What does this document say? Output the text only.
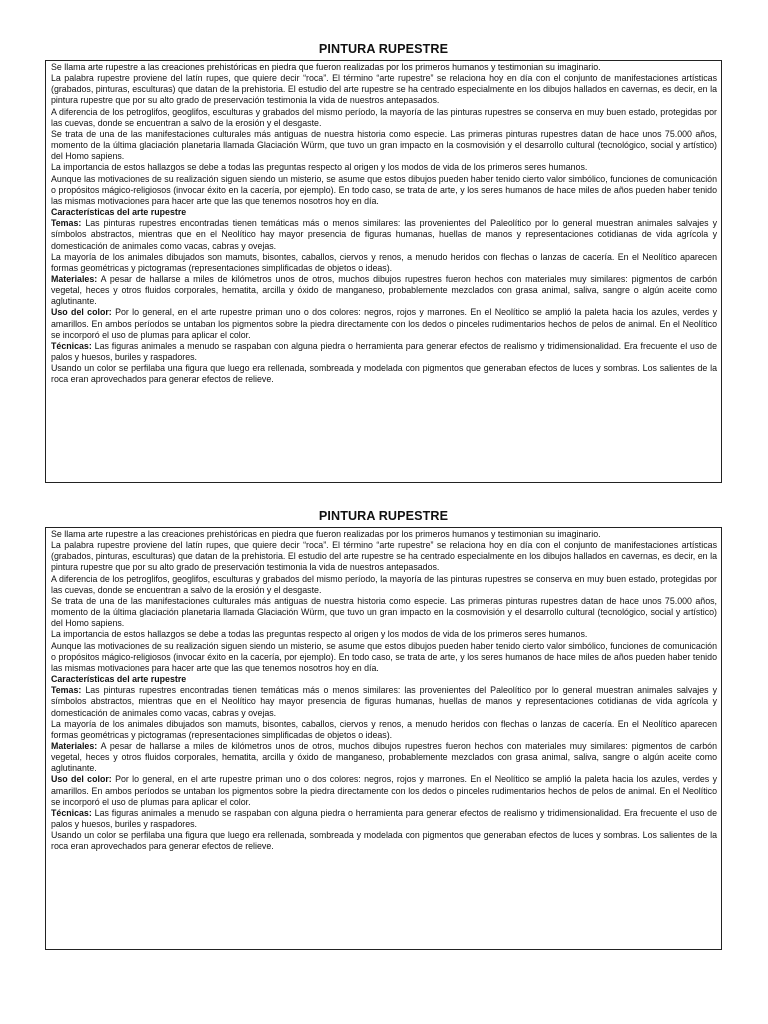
PINTURA RUPESTRE

Se llama arte rupestre a las creaciones prehistóricas en piedra que fueron realizadas por los primeros humanos y testimonian su imaginario.

La palabra rupestre proviene del latín rupes, que quiere decir “roca”. El término “arte rupestre” se relaciona hoy en día con el conjunto de manifestaciones artísticas (grabados, pinturas, esculturas) que datan de la prehistoria. El estudio del arte rupestre se ha centrado especialmente en los dibujos hallados en cavernas, es decir, en la pintura rupestre que por su alto grado de preservación testimonia la vida de nuestros antepasados.

A diferencia de los petroglifos, geoglifos, esculturas y grabados del mismo período, la mayoría de las pinturas rupestres se conserva en muy buen estado, protegidas por las cuevas, donde se encuentran a salvo de la erosión y el desgaste.

Se trata de una de las manifestaciones culturales más antiguas de nuestra historia como especie. Las primeras pinturas rupestres datan de hace unos 75.000 años, momento de la última glaciación planetaria llamada Glaciación Würm, que tuvo un gran impacto en la cosmovisión y el desarrollo cultural (tecnológico, social y artístico) del Homo sapiens.

La importancia de estos hallazgos se debe a todas las preguntas respecto al origen y los modos de vida de los primeros seres humanos.

Aunque las motivaciones de su realización siguen siendo un misterio, se asume que estos dibujos pueden haber tenido cierto valor simbólico, funciones de comunicación o propósitos mágico-religiosos (invocar éxito en la cacería, por ejemplo). En todo caso, se trata de arte, y los seres humanos de hace miles de años pueden haber tenido las mismas motivaciones para hacer arte que las que tenemos nosotros hoy en día.

Características del arte rupestre

Temas: Las pinturas rupestres encontradas tienen temáticas más o menos similares: las provenientes del Paleolítico por lo general muestran animales salvajes y símbolos abstractos, mientras que en el Neolítico hay mayor presencia de figuras humanas, huellas de manos y representaciones cotidianas de vida agrícola y domesticación de animales como vacas, cabras y ovejas.

La mayoría de los animales dibujados son mamuts, bisontes, caballos, ciervos y renos, a menudo heridos con flechas o lanzas de cacería. En el Neolítico aparecen formas geométricas y pictogramas (representaciones simplificadas de objetos o ideas).

Materiales: A pesar de hallarse a miles de kilómetros unos de otros, muchos dibujos rupestres fueron hechos con materiales muy similares: pigmentos de carbón vegetal, heces y otros fluidos corporales, hematita, arcilla y óxido de manganeso, probablemente mezclados con grasa animal, saliva, sangre o algún aceite como aglutinante.

Uso del color: Por lo general, en el arte rupestre priman uno o dos colores: negros, rojos y marrones. En el Neolítico se amplió la paleta hacia los azules, verdes y amarillos. En ambos períodos se untaban los pigmentos sobre la piedra directamente con los dedos o pinceles rudimentarios hechos de pelos de animal. En el Neolítico se incorporó el uso de plumas para aplicar el color.

Técnicas: Las figuras animales a menudo se raspaban con alguna piedra o herramienta para generar efectos de realismo y tridimensionalidad. Era frecuente el uso de palos y huesos, buriles y raspadores.

Usando un color se perfilaba una figura que luego era rellenada, sombreada y modelada con pigmentos que generaban efectos de luces y sombras. Los salientes de la roca eran aprovechados para generar efectos de relieve.

PINTURA RUPESTRE

Se llama arte rupestre a las creaciones prehistóricas en piedra que fueron realizadas por los primeros humanos y testimonian su imaginario.

La palabra rupestre proviene del latín rupes, que quiere decir “roca”. El término “arte rupestre” se relaciona hoy en día con el conjunto de manifestaciones artísticas (grabados, pinturas, esculturas) que datan de la prehistoria. El estudio del arte rupestre se ha centrado especialmente en los dibujos hallados en cavernas, es decir, en la pintura rupestre que por su alto grado de preservación testimonia la vida de nuestros antepasados.

A diferencia de los petroglifos, geoglifos, esculturas y grabados del mismo período, la mayoría de las pinturas rupestres se conserva en muy buen estado, protegidas por las cuevas, donde se encuentran a salvo de la erosión y el desgaste.

Se trata de una de las manifestaciones culturales más antiguas de nuestra historia como especie. Las primeras pinturas rupestres datan de hace unos 75.000 años, momento de la última glaciación planetaria llamada Glaciación Würm, que tuvo un gran impacto en la cosmovisión y el desarrollo cultural (tecnológico, social y artístico) del Homo sapiens.

La importancia de estos hallazgos se debe a todas las preguntas respecto al origen y los modos de vida de los primeros seres humanos.

Aunque las motivaciones de su realización siguen siendo un misterio, se asume que estos dibujos pueden haber tenido cierto valor simbólico, funciones de comunicación o propósitos mágico-religiosos (invocar éxito en la cacería, por ejemplo). En todo caso, se trata de arte, y los seres humanos de hace miles de años pueden haber tenido las mismas motivaciones para hacer arte que las que tenemos nosotros hoy en día.

Características del arte rupestre

Temas: Las pinturas rupestres encontradas tienen temáticas más o menos similares: las provenientes del Paleolítico por lo general muestran animales salvajes y símbolos abstractos, mientras que en el Neolítico hay mayor presencia de figuras humanas, huellas de manos y representaciones cotidianas de vida agrícola y domesticación de animales como vacas, cabras y ovejas.

La mayoría de los animales dibujados son mamuts, bisontes, caballos, ciervos y renos, a menudo heridos con flechas o lanzas de cacería. En el Neolítico aparecen formas geométricas y pictogramas (representaciones simplificadas de objetos o ideas).

Materiales: A pesar de hallarse a miles de kilómetros unos de otros, muchos dibujos rupestres fueron hechos con materiales muy similares: pigmentos de carbón vegetal, heces y otros fluidos corporales, hematita, arcilla y óxido de manganeso, probablemente mezclados con grasa animal, saliva, sangre o algún aceite como aglutinante.

Uso del color: Por lo general, en el arte rupestre priman uno o dos colores: negros, rojos y marrones. En el Neolítico se amplió la paleta hacia los azules, verdes y amarillos. En ambos períodos se untaban los pigmentos sobre la piedra directamente con los dedos o pinceles rudimentarios hechos de pelos de animal. En el Neolítico se incorporó el uso de plumas para aplicar el color.

Técnicas: Las figuras animales a menudo se raspaban con alguna piedra o herramienta para generar efectos de realismo y tridimensionalidad. Era frecuente el uso de palos y huesos, buriles y raspadores.

Usando un color se perfilaba una figura que luego era rellenada, sombreada y modelada con pigmentos que generaban efectos de luces y sombras. Los salientes de la roca eran aprovechados para generar efectos de relieve.
